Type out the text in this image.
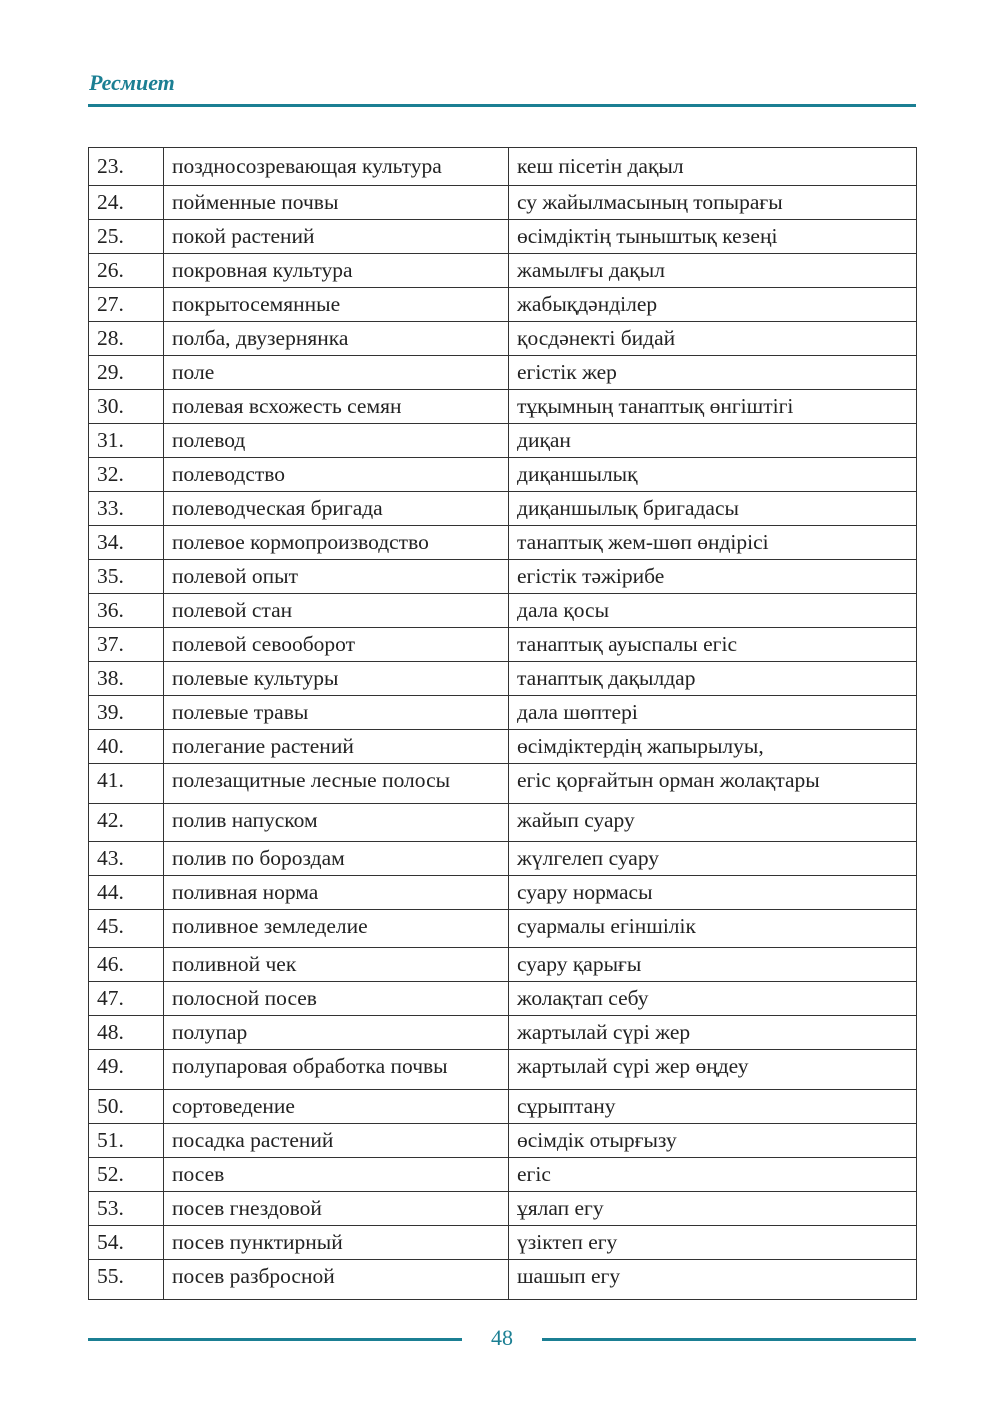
Ресмиет
23.	поздносозревающая культура	кеш пісетін дақыл
24.	пойменные почвы	су жайылмасының топырағы
25.	покой растений	өсімдіктің тыныштық кезеңі
26.	покровная культура	жамылғы дақыл
27.	покрытосемянные	жабықдәнділер
28.	полба, двузернянка	қосдәнекті бидай
29.	поле	егістік жер
30.	полевая всхожесть семян	тұқымның танаптық өнгіштігі
31.	полевод	диқан
32.	полеводство	диқаншылық
33.	полеводческая бригада	диқаншылық бригадасы
34.	полевое кормопроизводство	танаптық жем-шөп өндірісі
35.	полевой опыт	егістік тәжірибе
36.	полевой стан	дала қосы
37.	полевой севооборот	танаптық ауыспалы егіс
38.	полевые культуры	танаптық дақылдар
39.	полевые травы	дала шөптері
40.	полегание растений	өсімдіктердің жапырылуы,
41.	полезащитные лесные полосы	егіс қорғайтын орман жолақтары
42.	полив напуском	жайып суару
43.	полив по бороздам	жүлгелеп суару
44.	поливная норма	суару нормасы
45.	поливное земледелие	суармалы егіншілік
46.	поливной чек	суару қарығы
47.	полосной посев	жолақтап себу
48.	полупар	жартылай сүрі жер
49.	полупаровая обработка почвы	жартылай сүрі жер өңдеу
50.	сортоведение	сұрыптану
51.	посадка растений	өсімдік отырғызу
52.	посев	егіс
53.	посев гнездовой	ұялап егу
54.	посев пунктирный	үзіктеп егу
55.	посев разбросной	шашып егу
48
